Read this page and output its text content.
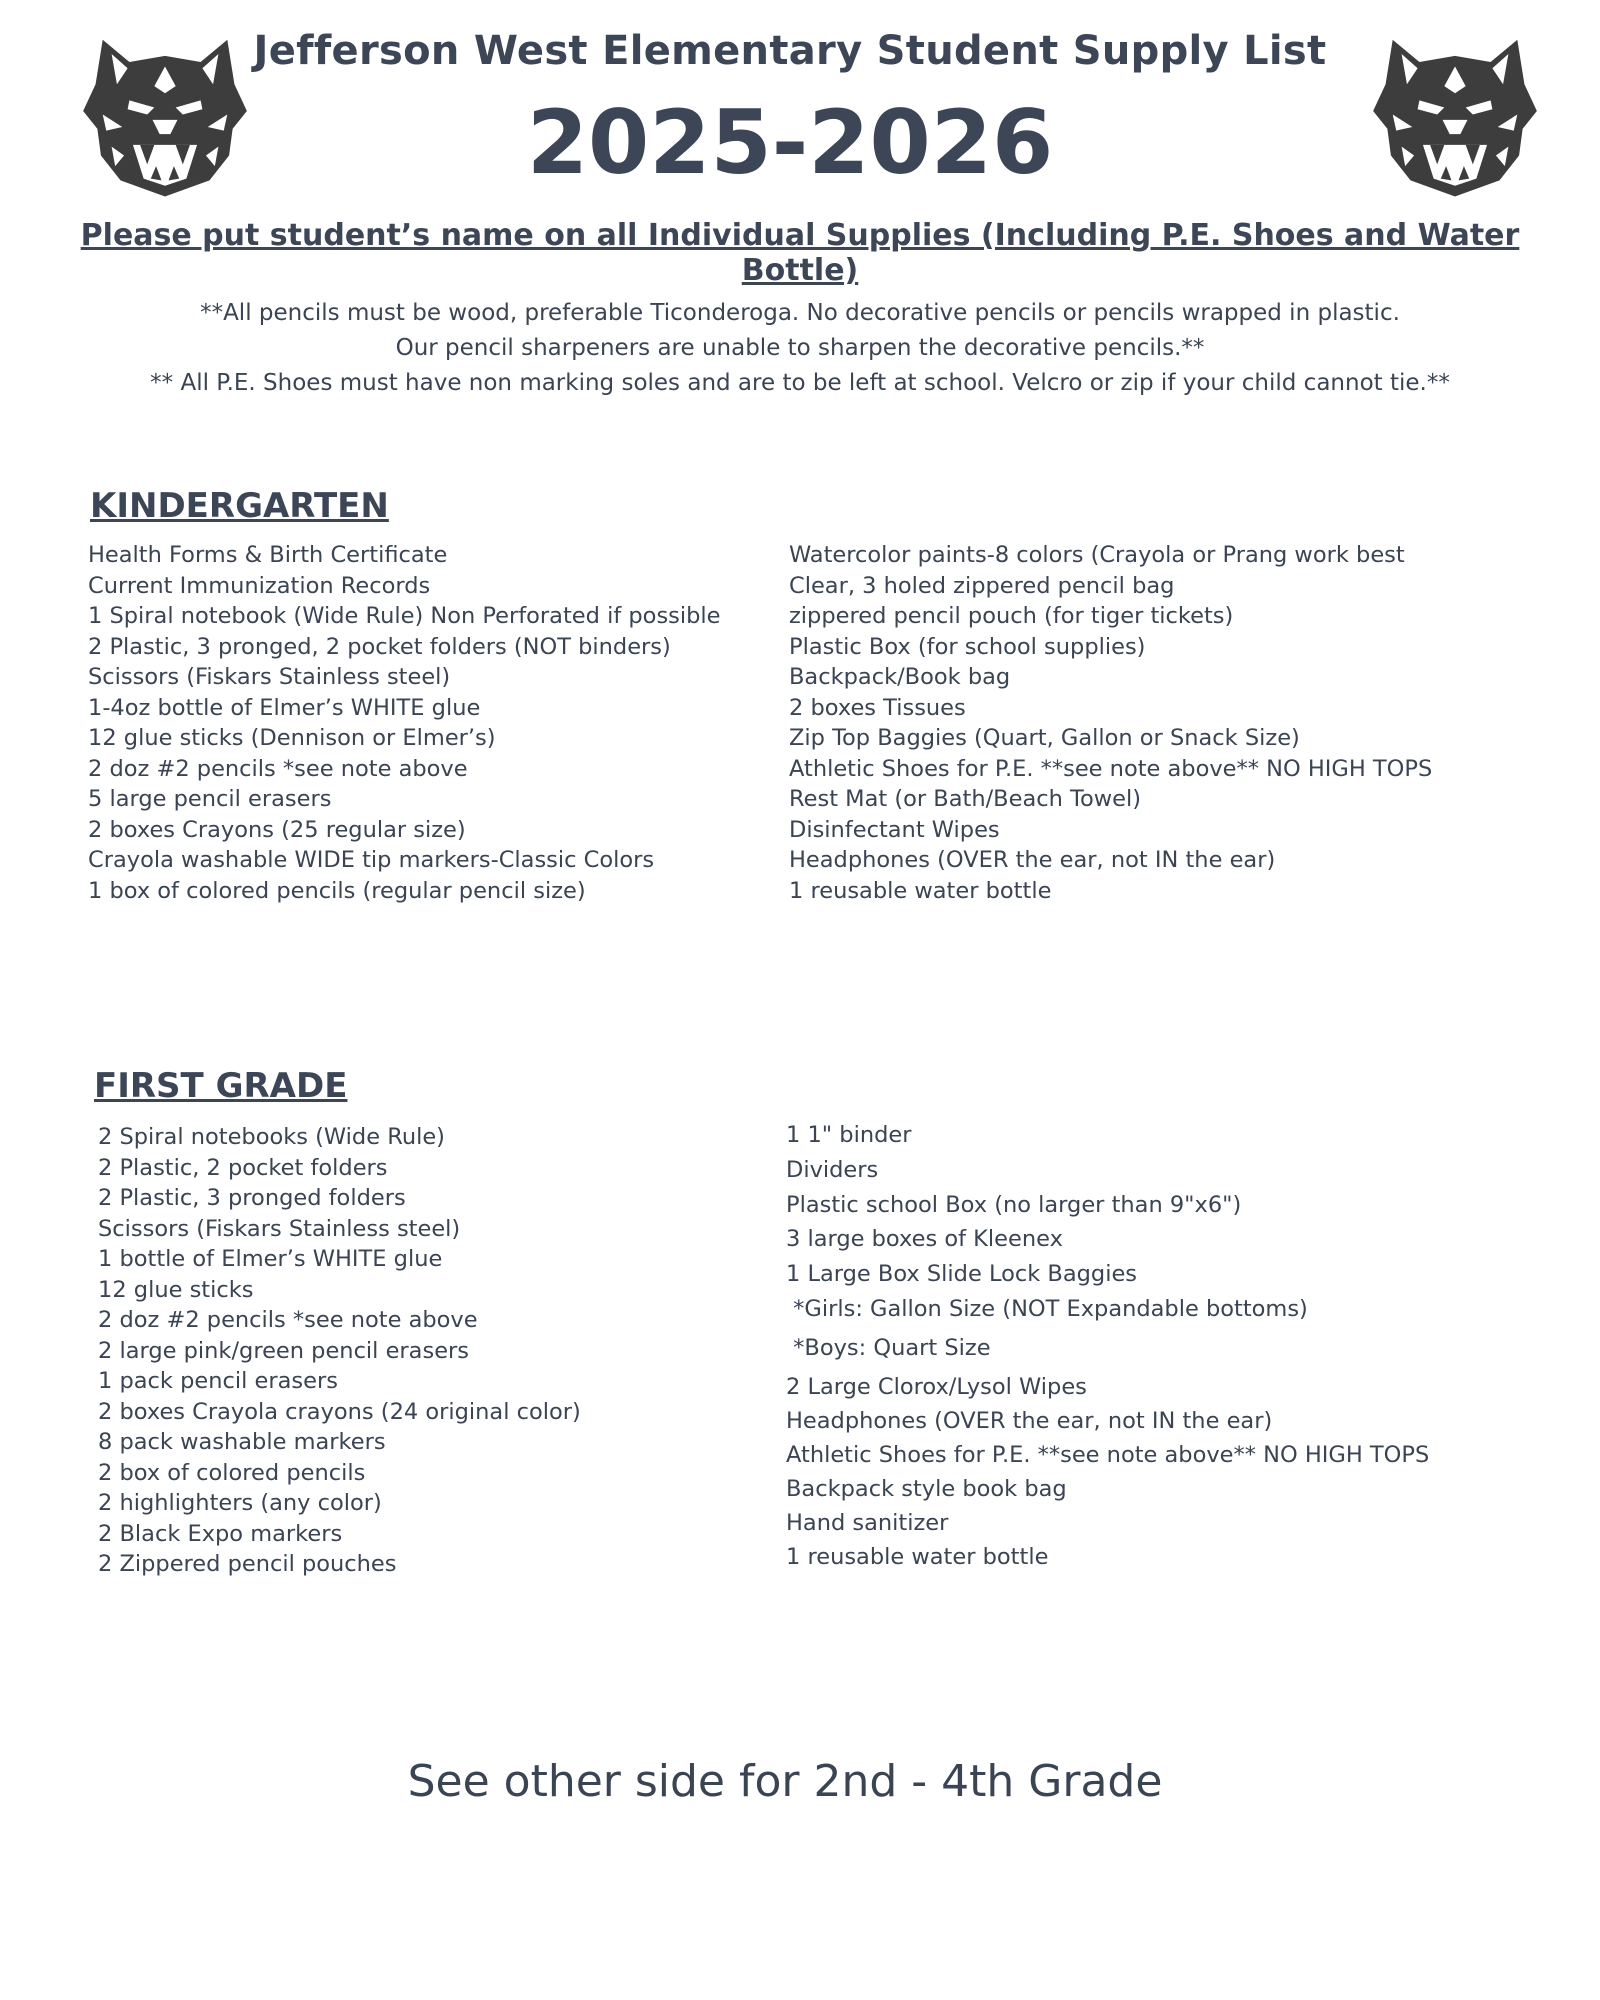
Jefferson West Elementary Student Supply List
2025-2026
Please put student’s name on all Individual Supplies (Including P.E. Shoes and Water Bottle)
**All pencils must be wood, preferable Ticonderoga. No decorative pencils or pencils wrapped in plastic.
Our pencil sharpeners are unable to sharpen the decorative pencils.**
** All P.E. Shoes must have non marking soles and are to be left at school. Velcro or zip if your child cannot tie.**
KINDERGARTEN
Health Forms & Birth Certificate
Current Immunization Records
1 Spiral notebook (Wide Rule) Non Perforated if possible
2 Plastic, 3 pronged, 2 pocket folders (NOT binders)
Scissors (Fiskars Stainless steel)
1-4oz bottle of Elmer’s WHITE glue
12 glue sticks (Dennison or Elmer’s)
2 doz #2 pencils *see note above
5 large pencil erasers
2 boxes Crayons (25 regular size)
Crayola washable WIDE tip markers-Classic Colors
1 box of colored pencils (regular pencil size)
Watercolor paints-8 colors (Crayola or Prang work best
Clear, 3 holed zippered pencil bag
zippered pencil pouch (for tiger tickets)
Plastic Box (for school supplies)
Backpack/Book bag
2 boxes Tissues
Zip Top Baggies (Quart, Gallon or Snack Size)
Athletic Shoes for P.E. **see note above** NO HIGH TOPS
Rest Mat (or Bath/Beach Towel)
Disinfectant Wipes
Headphones (OVER the ear, not IN the ear)
1 reusable water bottle
FIRST GRADE
2 Spiral notebooks (Wide Rule)
2 Plastic, 2 pocket folders
2 Plastic, 3 pronged folders
Scissors (Fiskars Stainless steel)
1 bottle of Elmer’s WHITE glue
12 glue sticks
2 doz #2 pencils *see note above
2 large pink/green pencil erasers
1 pack pencil erasers
2 boxes Crayola crayons (24 original color)
8 pack washable markers
2 box of colored pencils
2 highlighters (any color)
2 Black Expo markers
2 Zippered pencil pouches
1 1" binder
Dividers
Plastic school Box (no larger than 9"x6")
3 large boxes of Kleenex
1 Large Box Slide Lock Baggies
*Girls: Gallon Size (NOT Expandable bottoms)
*Boys: Quart Size
2 Large Clorox/Lysol Wipes
Headphones (OVER the ear, not IN the ear)
Athletic Shoes for P.E. **see note above** NO HIGH TOPS
Backpack style book bag
Hand sanitizer
1 reusable water bottle
See other side for 2nd - 4th Grade
